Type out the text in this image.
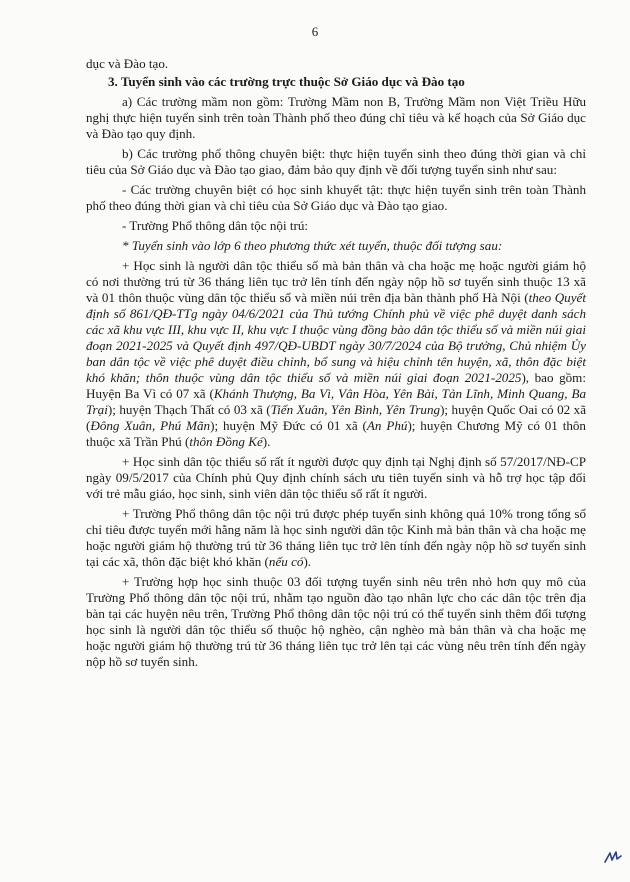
6

dục và Đào tạo.

3. Tuyển sinh vào các trường trực thuộc Sở Giáo dục và Đào tạo

a) Các trường mầm non gồm: Trường Mầm non B, Trường Mầm non Việt Triều Hữu nghị thực hiện tuyển sinh trên toàn Thành phố theo đúng chỉ tiêu và kế hoạch của Sở Giáo dục và Đào tạo quy định.

b) Các trường phổ thông chuyên biệt: thực hiện tuyển sinh theo đúng thời gian và chỉ tiêu của Sở Giáo dục và Đào tạo giao, đảm bảo quy định về đối tượng tuyển sinh như sau:

- Các trường chuyên biệt có học sinh khuyết tật: thực hiện tuyển sinh trên toàn Thành phố theo đúng thời gian và chỉ tiêu của Sở Giáo dục và Đào tạo giao.

- Trường Phổ thông dân tộc nội trú:

* Tuyển sinh vào lớp 6 theo phương thức xét tuyển, thuộc đối tượng sau:

+ Học sinh là người dân tộc thiểu số mà bản thân và cha hoặc mẹ hoặc người giám hộ có nơi thường trú từ 36 tháng liên tục trở lên tính đến ngày nộp hồ sơ tuyển sinh thuộc 13 xã và 01 thôn thuộc vùng dân tộc thiểu số và miền núi trên địa bàn thành phố Hà Nội (theo Quyết định số 861/QĐ-TTg ngày 04/6/2021 của Thủ tướng Chính phủ về việc phê duyệt danh sách các xã khu vực III, khu vực II, khu vực I thuộc vùng đồng bào dân tộc thiểu số và miền núi giai đoạn 2021-2025 và Quyết định 497/QĐ-UBDT ngày 30/7/2024 của Bộ trưởng, Chủ nhiệm Ủy ban dân tộc về việc phê duyệt điều chỉnh, bổ sung và hiệu chỉnh tên huyện, xã, thôn đặc biệt khó khăn; thôn thuộc vùng dân tộc thiểu số và miền núi giai đoạn 2021-2025), bao gồm: Huyện Ba Vì có 07 xã (Khánh Thượng, Ba Vì, Vân Hòa, Yên Bài, Tản Lĩnh, Minh Quang, Ba Trại); huyện Thạch Thất có 03 xã (Tiến Xuân, Yên Bình, Yên Trung); huyện Quốc Oai có 02 xã (Đông Xuân, Phú Mãn); huyện Mỹ Đức có 01 xã (An Phú); huyện Chương Mỹ có 01 thôn thuộc xã Trần Phú (thôn Đồng Ké).

+ Học sinh dân tộc thiểu số rất ít người được quy định tại Nghị định số 57/2017/NĐ-CP ngày 09/5/2017 của Chính phủ Quy định chính sách ưu tiên tuyển sinh và hỗ trợ học tập đối với trẻ mẫu giáo, học sinh, sinh viên dân tộc thiểu số rất ít người.

+ Trường Phổ thông dân tộc nội trú được phép tuyển sinh không quá 10% trong tổng số chỉ tiêu được tuyển mới hằng năm là học sinh người dân tộc Kinh mà bản thân và cha hoặc mẹ hoặc người giám hộ thường trú từ 36 tháng liên tục trở lên tính đến ngày nộp hồ sơ tuyển sinh tại các xã, thôn đặc biệt khó khăn (nếu có).

+ Trường hợp học sinh thuộc 03 đối tượng tuyển sinh nêu trên nhỏ hơn quy mô của Trường Phổ thông dân tộc nội trú, nhằm tạo nguồn đào tạo nhân lực cho các dân tộc trên địa bàn tại các huyện nêu trên, Trường Phổ thông dân tộc nội trú có thể tuyển sinh thêm đối tượng học sinh là người dân tộc thiểu số thuộc hộ nghèo, cận nghèo mà bản thân và cha hoặc mẹ hoặc người giám hộ thường trú từ 36 tháng liên tục trở lên tại các vùng nêu trên tính đến ngày nộp hồ sơ tuyển sinh.
